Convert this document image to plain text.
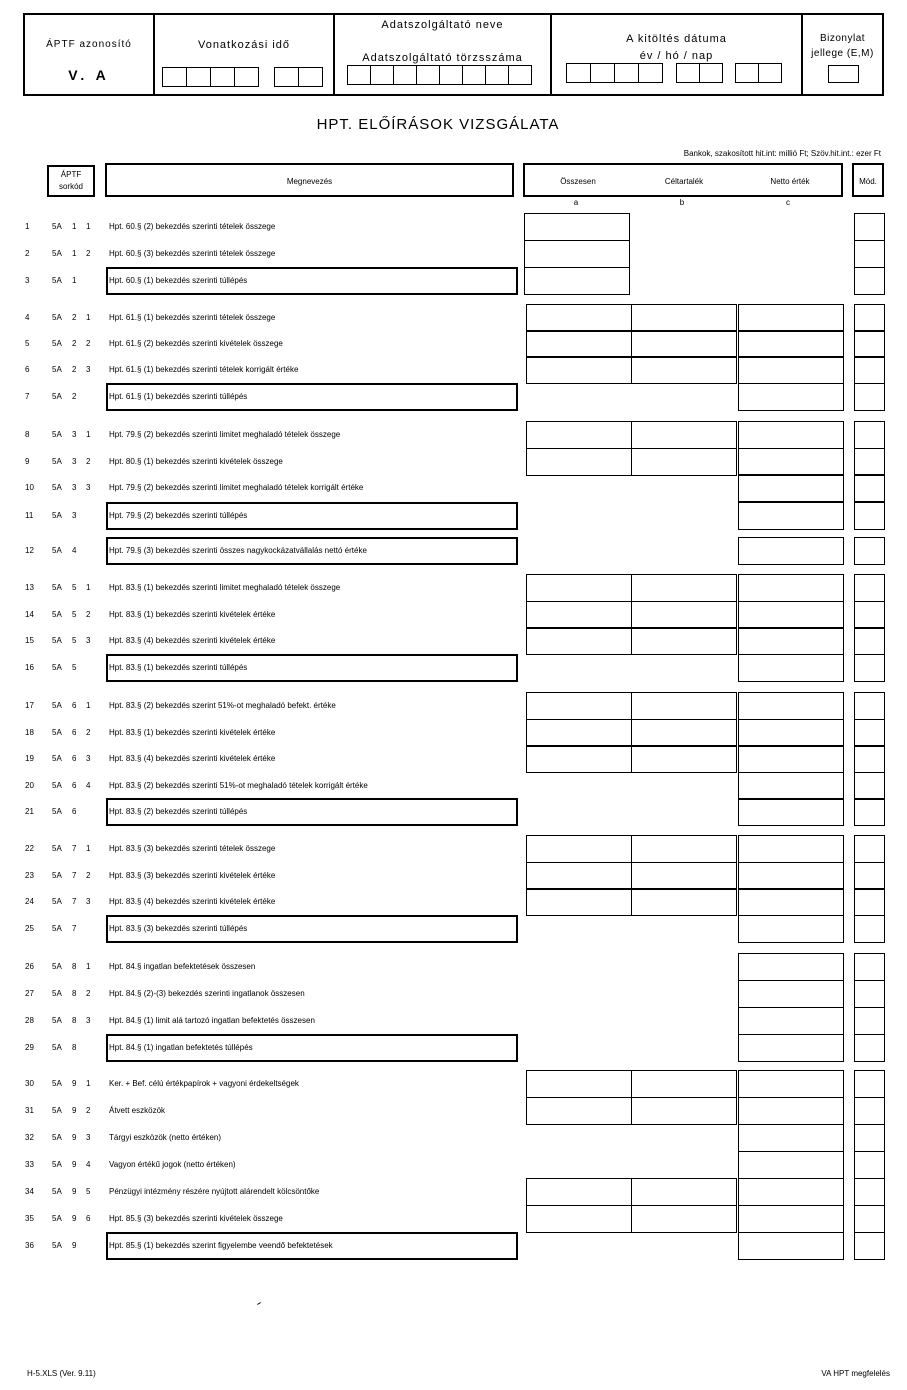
ÁPTF azonosító
V. A
Vonatkozási idő
Adatszolgáltató neve
Adatszolgáltató törzsszáma
A kitöltés dátuma
év / hó / nap
Bizonylat
jellege (E,M)
HPT. ELŐÍRÁSOK VIZSGÁLATA
Bankok, szakosított hit.int: millió Ft; Szöv.hit.int.: ezer Ft
ÁPTF
sorkód
Megnevezés	Összesen	Céltartalék	Netto érték	Mód.
a	b	c
1	5A 1 1 Hpt. 60.§ (2) bekezdés szerinti tételek összege
2	5A 1 2 Hpt. 60.§ (3) bekezdés szerinti tételek összege
3	5A 1	Hpt. 60.§ (1) bekezdés szerinti túllépés
4	5A 2 1 Hpt. 61.§ (1) bekezdés szerinti tételek összege
5	5A 2 2 Hpt. 61.§ (2) bekezdés szerinti kivételek összege
6	5A 2 3 Hpt. 61.§ (1) bekezdés szerinti tételek korrigált értéke
7	5A 2	Hpt. 61.§ (1) bekezdés szerinti túllépés
8	5A 3 1 Hpt. 79.§ (2) bekezdés szerinti limitet meghaladó tételek összege
9	5A 3 2 Hpt. 80.§ (1) bekezdés szerinti kivételek összege
10 5A 3 3 Hpt. 79.§ (2) bekezdés szerinti limitet meghaladó tételek korrigált értéke
11 5A 3	Hpt. 79.§ (2) bekezdés szerinti túllépés
12 5A 4	Hpt. 79.§ (3) bekezdés szerinti összes nagykockázatvállalás nettó értéke
13 5A 5 1 Hpt. 83.§ (1) bekezdés szerinti limitet meghaladó tételek összege
14 5A 5 2 Hpt. 83.§ (1) bekezdés szerinti kivételek értéke
15 5A 5 3 Hpt. 83.§ (4) bekezdés szerinti kivételek értéke
16 5A 5	Hpt. 83.§ (1) bekezdés szerinti túllépés
17 5A 6 1 Hpt. 83.§ (2) bekezdés szerint 51%-ot meghaladó befekt. értéke
18 5A 6 2 Hpt. 83.§ (1) bekezdés szerinti kivételek értéke
19 5A 6 3 Hpt. 83.§ (4) bekezdés szerinti kivételek értéke
20 5A 6 4 Hpt. 83.§ (2) bekezdés szerinti 51%-ot meghaladó tételek korrigált értéke
21 5A 6	Hpt. 83.§ (2) bekezdés szerinti túllépés
22 5A 7 1 Hpt. 83.§ (3) bekezdés szerinti tételek összege
23 5A 7 2 Hpt. 83.§ (3) bekezdés szerinti kivételek értéke
24 5A 7 3 Hpt. 83.§ (4) bekezdés szerinti kivételek értéke
25 5A 7	Hpt. 83.§ (3) bekezdés szerinti túllépés
26 5A 8 1 Hpt. 84.§ ingatlan befektetések összesen
27 5A 8 2 Hpt. 84.§ (2)-(3) bekezdés szerinti ingatlanok összesen
28 5A 8 3 Hpt. 84.§ (1) limit alá tartozó ingatlan befektetés összesen
29 5A 8	Hpt. 84.§ (1) ingatlan befektetés túllépés
30 5A 9 1 Ker. + Bef. célú értékpapírok + vagyoni érdekeltségek
31 5A 9 2 Átvett eszközök
32 5A 9 3 Tárgyi eszközök (netto értéken)
33 5A 9 4 Vagyon értékű jogok (netto értéken)
34 5A 9 5 Pénzügyi intézmény részére nyújtott alárendelt kölcsöntőke
35 5A 9 6 Hpt. 85.§ (3) bekezdés szerinti kivételek összege
36 5A 9	Hpt. 85.§ (1) bekezdés szerint figyelembe veendő befektetések
H-5.XLS (Ver. 9.11)	VA HPT megfelelés
